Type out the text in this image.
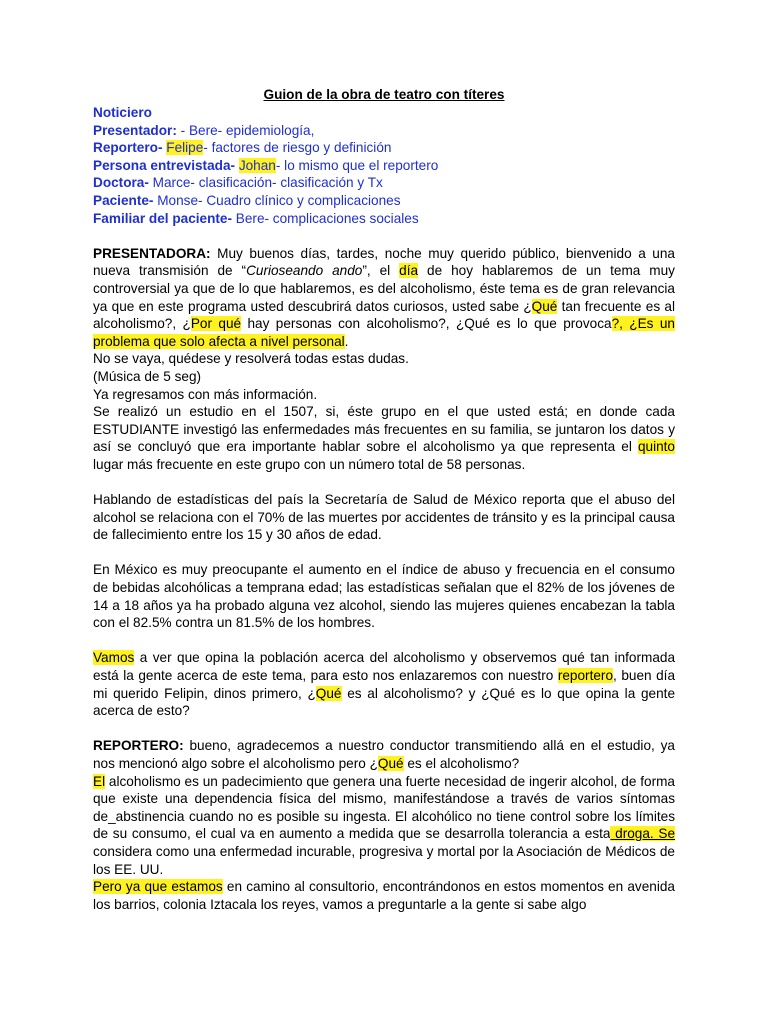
Guion de la obra de teatro con títeres
Noticiero
Presentador: - Bere- epidemiología,
Reportero- Felipe- factores de riesgo y definición
Persona entrevistada- Johan- lo mismo que el reportero
Doctora- Marce- clasificación- clasificación y Tx
Paciente- Monse- Cuadro clínico y complicaciones
Familiar del paciente- Bere- complicaciones sociales

PRESENTADORA: Muy buenos días, tardes, noche muy querido público, bienvenido a una nueva transmisión de “Curioseando ando”, el día de hoy hablaremos de un tema muy controversial ya que de lo que hablaremos, es del alcoholismo, éste tema es de gran relevancia ya que en este programa usted descubrirá datos curiosos, usted sabe ¿Qué tan frecuente es al alcoholismo?, ¿Por qué hay personas con alcoholismo?, ¿Qué es lo que provoca?, ¿Es un problema que solo afecta a nivel personal.

No se vaya, quédese y resolverá todas estas dudas.
(Música de 5 seg)
Ya regresamos con más información.

Se realizó un estudio en el 1507, si, éste grupo en el que usted está; en donde cada ESTUDIANTE investigó las enfermedades más frecuentes en su familia, se juntaron los datos y así se concluyó que era importante hablar sobre el alcoholismo ya que representa el quinto lugar más frecuente en este grupo con un número total de 58 personas.

Hablando de estadísticas del país la Secretaría de Salud de México reporta que el abuso del alcohol se relaciona con el 70% de las muertes por accidentes de tránsito y es la principal causa de fallecimiento entre los 15 y 30 años de edad.

En México es muy preocupante el aumento en el índice de abuso y frecuencia en el consumo de bebidas alcohólicas a temprana edad; las estadísticas señalan que el 82% de los jóvenes de 14 a 18 años ya ha probado alguna vez alcohol, siendo las mujeres quienes encabezan la tabla con el 82.5% contra un 81.5% de los hombres.

Vamos a ver que opina la población acerca del alcoholismo y observemos qué tan informada está la gente acerca de este tema, para esto nos enlazaremos con nuestro reportero, buen día mi querido Felipin, dinos primero, ¿Qué es al alcoholismo? y ¿Qué es lo que opina la gente acerca de esto?

REPORTERO: bueno, agradecemos a nuestro conductor transmitiendo allá en el estudio, ya nos mencionó algo sobre el alcoholismo pero ¿Qué es el alcoholismo?

El alcoholismo es un padecimiento que genera una fuerte necesidad de ingerir alcohol, de forma que existe una dependencia física del mismo, manifestándose a través de varios síntomas de_abstinencia cuando no es posible su ingesta. El alcohólico no tiene control sobre los límites de su consumo, el cual va en aumento a medida que se desarrolla tolerancia a esta droga. Se considera como una enfermedad incurable, progresiva y mortal por la Asociación de Médicos de los EE. UU.

Pero ya que estamos en camino al consultorio, encontrándonos en estos momentos en avenida los barrios, colonia Iztacala los reyes, vamos a preguntarle a la gente si sabe algo
